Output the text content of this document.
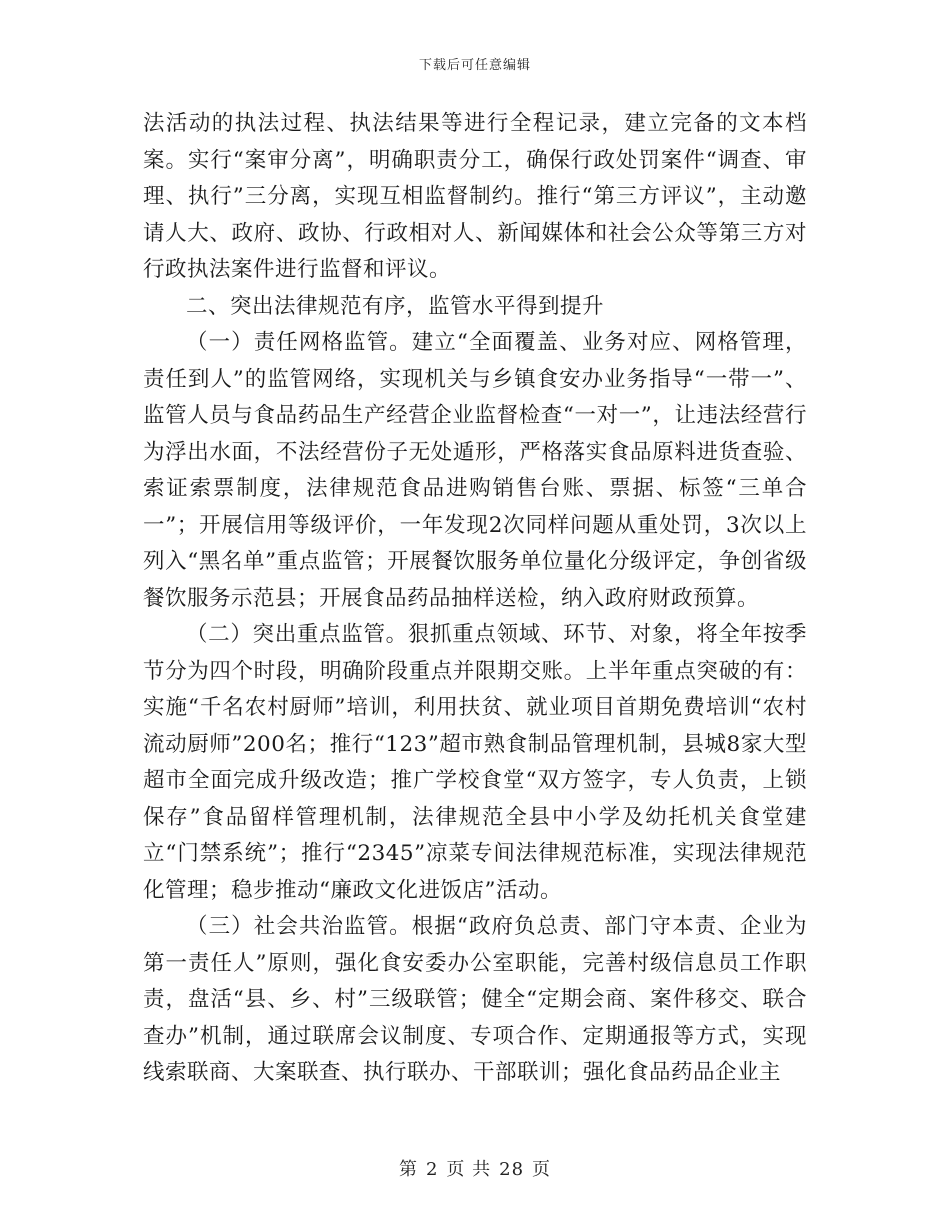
下载后可任意编辑

法活动的执法过程、执法结果等进行全程记录，建立完备的文本档案。实行“案审分离”，明确职责分工，确保行政处罚案件“调查、审理、执行”三分离，实现互相监督制约。推行“第三方评议”，主动邀请人大、政府、政协、行政相对人、新闻媒体和社会公众等第三方对行政执法案件进行监督和评议。

二、突出法律规范有序，监管水平得到提升

（一）责任网格监管。建立“全面覆盖、业务对应、网格管理，责任到人”的监管网络，实现机关与乡镇食安办业务指导“一带一”、监管人员与食品药品生产经营企业监督检查“一对一”，让违法经营行为浮出水面，不法经营份子无处遁形，严格落实食品原料进货查验、索证索票制度，法律规范食品进购销售台账、票据、标签“三单合一”；开展信用等级评价，一年发现2次同样问题从重处罚，3次以上列入“黑名单”重点监管；开展餐饮服务单位量化分级评定，争创省级餐饮服务示范县；开展食品药品抽样送检，纳入政府财政预算。

（二）突出重点监管。狠抓重点领域、环节、对象，将全年按季节分为四个时段，明确阶段重点并限期交账。上半年重点突破的有：实施“千名农村厨师”培训，利用扶贫、就业项目首期免费培训“农村流动厨师”200名；推行“123”超市熟食制品管理机制，县城8家大型超市全面完成升级改造；推广学校食堂“双方签字，专人负责，上锁保存”食品留样管理机制，法律规范全县中小学及幼托机关食堂建立“门禁系统”；推行“2345”凉菜专间法律规范标准，实现法律规范化管理；稳步推动“廉政文化进饭店”活动。

（三）社会共治监管。根据“政府负总责、部门守本责、企业为第一责任人”原则，强化食安委办公室职能，完善村级信息员工作职责，盘活“县、乡、村”三级联管；健全“定期会商、案件移交、联合查办”机制，通过联席会议制度、专项合作、定期通报等方式，实现线索联商、大案联查、执行联办、干部联训；强化食品药品企业主

第 2 页 共 28 页
